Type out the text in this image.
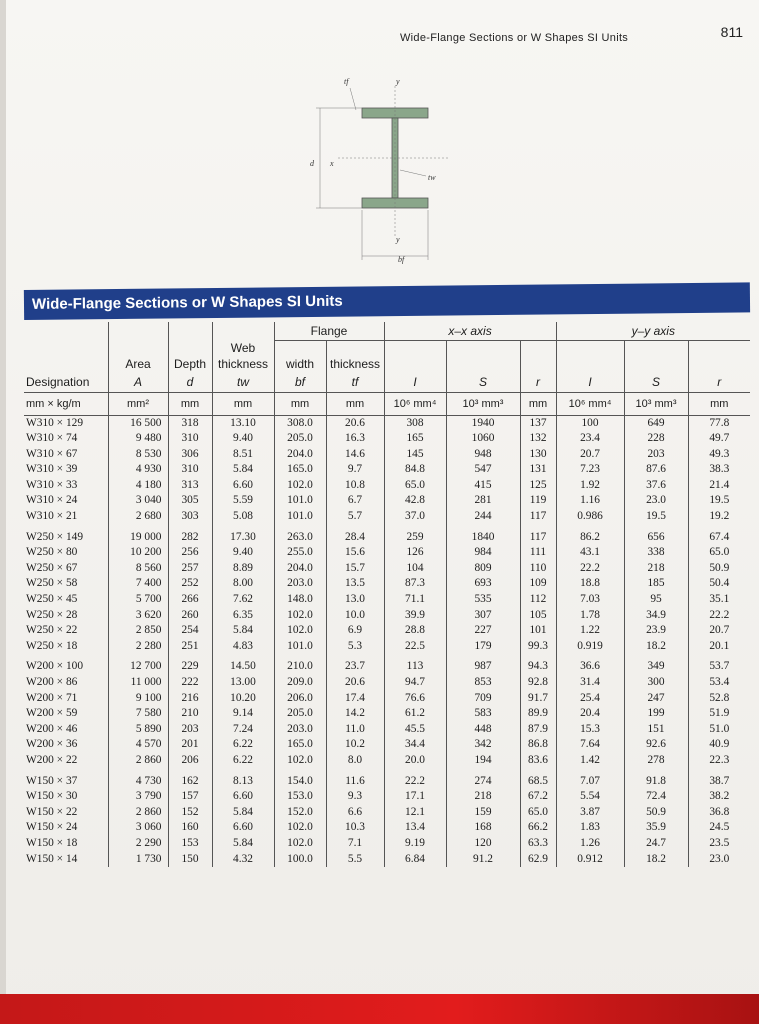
Wide-Flange Sections or W Shapes SI Units	811
tf	y
d x
tw
y
bf
Wide-Flange Sections or W Shapes SI Units
				Flange		x–x axis			y–y axis		
			Web								
	Area	Depth	thickness	width	thickness						
Designation	A	d	tw	bf	tf	I	S	r	I	S	r
mm × kg/m	mm²	mm	mm	mm	mm	10⁶ mm⁴	10³ mm³	mm	10⁶ mm⁴	10³ mm³	mm
W310 × 129	16 500	318	13.10	308.0	20.6	308	1940	137	100	649	77.8
W310 × 74	9 480	310	9.40	205.0	16.3	165	1060	132	23.4	228	49.7
W310 × 67	8 530	306	8.51	204.0	14.6	145	948	130	20.7	203	49.3
W310 × 39	4 930	310	5.84	165.0	9.7	84.8	547	131	7.23	87.6	38.3
W310 × 33	4 180	313	6.60	102.0	10.8	65.0	415	125	1.92	37.6	21.4
W310 × 24	3 040	305	5.59	101.0	6.7	42.8	281	119	1.16	23.0	19.5
W310 × 21	2 680	303	5.08	101.0	5.7	37.0	244	117	0.986	19.5	19.2

W250 × 149	19 000	282	17.30	263.0	28.4	259	1840	117	86.2	656	67.4
W250 × 80	10 200	256	9.40	255.0	15.6	126	984	111	43.1	338	65.0
W250 × 67	8 560	257	8.89	204.0	15.7	104	809	110	22.2	218	50.9
W250 × 58	7 400	252	8.00	203.0	13.5	87.3	693	109	18.8	185	50.4
W250 × 45	5 700	266	7.62	148.0	13.0	71.1	535	112	7.03	95	35.1
W250 × 28	3 620	260	6.35	102.0	10.0	39.9	307	105	1.78	34.9	22.2
W250 × 22	2 850	254	5.84	102.0	6.9	28.8	227	101	1.22	23.9	20.7
W250 × 18	2 280	251	4.83	101.0	5.3	22.5	179	99.3	0.919	18.2	20.1

W200 × 100	12 700	229	14.50	210.0	23.7	113	987	94.3	36.6	349	53.7
W200 × 86	11 000	222	13.00	209.0	20.6	94.7	853	92.8	31.4	300	53.4
W200 × 71	9 100	216	10.20	206.0	17.4	76.6	709	91.7	25.4	247	52.8
W200 × 59	7 580	210	9.14	205.0	14.2	61.2	583	89.9	20.4	199	51.9
W200 × 46	5 890	203	7.24	203.0	11.0	45.5	448	87.9	15.3	151	51.0
W200 × 36	4 570	201	6.22	165.0	10.2	34.4	342	86.8	7.64	92.6	40.9
W200 × 22	2 860	206	6.22	102.0	8.0	20.0	194	83.6	1.42	278	22.3

W150 × 37	4 730	162	8.13	154.0	11.6	22.2	274	68.5	7.07	91.8	38.7
W150 × 30	3 790	157	6.60	153.0	9.3	17.1	218	67.2	5.54	72.4	38.2
W150 × 22	2 860	152	5.84	152.0	6.6	12.1	159	65.0	3.87	50.9	36.8
W150 × 24	3 060	160	6.60	102.0	10.3	13.4	168	66.2	1.83	35.9	24.5
W150 × 18	2 290	153	5.84	102.0	7.1	9.19	120	63.3	1.26	24.7	23.5
W150 × 14	1 730	150	4.32	100.0	5.5	6.84	91.2	62.9	0.912	18.2	23.0
